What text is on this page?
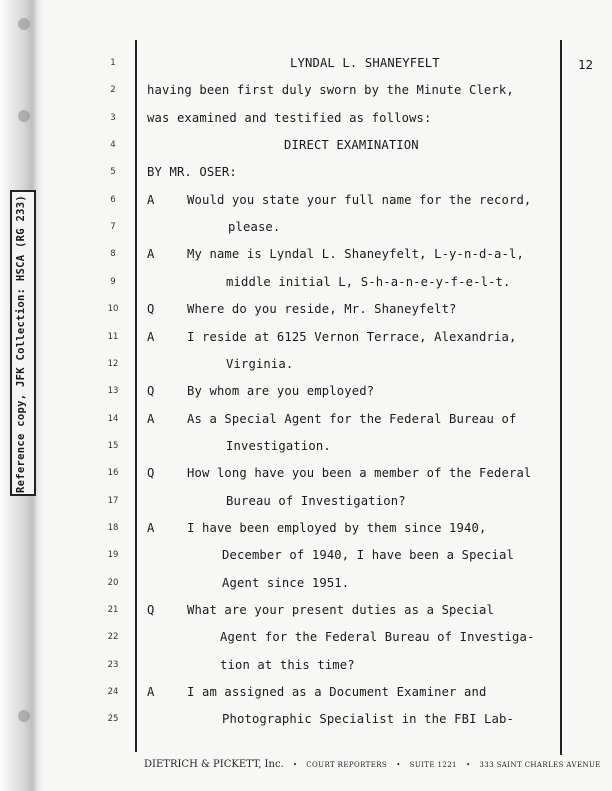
Reference copy, JFK Collection: HSCA (RG 233)
12
1	LYNDAL L. SHANEYFELT
2	having been first duly sworn by the Minute Clerk,
3	was examined and testified as follows:
4	DIRECT EXAMINATION
5	BY MR. OSER:
6	A	Would you state your full name for the record,
7	please.
8	A	My name is Lyndal L. Shaneyfelt, L-y-n-d-a-l,
9	middle initial L, S-h-a-n-e-y-f-e-l-t.
10 Q	Where do you reside, Mr. Shaneyfelt?
11 A	I reside at 6125 Vernon Terrace, Alexandria,
12	Virginia.
13 Q	By whom are you employed?
14 A	As a Special Agent for the Federal Bureau of
15	Investigation.
16 Q	How long have you been a member of the Federal
17	Bureau of Investigation?
18 A	I have been employed by them since 1940,
19	December of 1940, I have been a Special
20	Agent since 1951.
21 Q	What are your present duties as a Special
22	Agent for the Federal Bureau of Investiga-
23	tion at this time?
24 A	I am assigned as a Document Examiner and
25	Photographic Specialist in the FBI Lab-
DIETRICH & PICKETT, Inc. • COURT REPORTERS • SUITE 1221 • 333 SAINT CHARLES AVENUE
